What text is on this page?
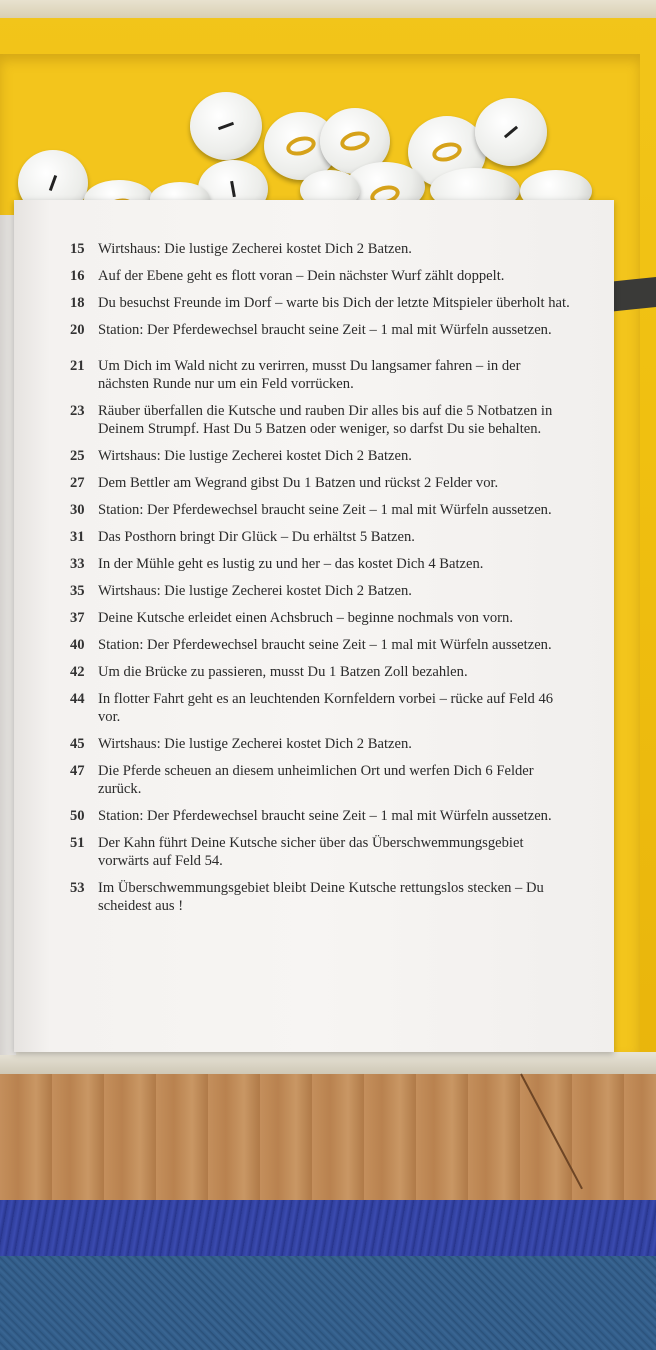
15 Wirtshaus: Die lustige Zecherei kostet Dich 2 Batzen.
16 Auf der Ebene geht es flott voran – Dein nächster Wurf zählt doppelt.
18 Du besuchst Freunde im Dorf – warte bis Dich der letzte Mitspieler überholt hat.
20 Station: Der Pferdewechsel braucht seine Zeit – 1 mal mit Würfeln aussetzen.
21 Um Dich im Wald nicht zu verirren, musst Du langsamer fahren – in der nächsten Runde nur um ein Feld vorrücken.
23 Räuber überfallen die Kutsche und rauben Dir alles bis auf die 5 Notbatzen in Deinem Strumpf. Hast Du 5 Batzen oder weniger, so darfst Du sie behalten.
25 Wirtshaus: Die lustige Zecherei kostet Dich 2 Batzen.
27 Dem Bettler am Wegrand gibst Du 1 Batzen und rückst 2 Felder vor.
30 Station: Der Pferdewechsel braucht seine Zeit – 1 mal mit Würfeln aussetzen.
31 Das Posthorn bringt Dir Glück – Du erhältst 5 Batzen.
33 In der Mühle geht es lustig zu und her – das kostet Dich 4 Batzen.
35 Wirtshaus: Die lustige Zecherei kostet Dich 2 Batzen.
37 Deine Kutsche erleidet einen Achsbruch – beginne nochmals von vorn.
40 Station: Der Pferdewechsel braucht seine Zeit – 1 mal mit Würfeln aussetzen.
42 Um die Brücke zu passieren, musst Du 1 Batzen Zoll bezahlen.
44 In flotter Fahrt geht es an leuchtenden Kornfeldern vorbei – rücke auf Feld 46 vor.
45 Wirtshaus: Die lustige Zecherei kostet Dich 2 Batzen.
47 Die Pferde scheuen an diesem unheimlichen Ort und werfen Dich 6 Felder zurück.
50 Station: Der Pferdewechsel braucht seine Zeit – 1 mal mit Würfeln aussetzen.
51 Der Kahn führt Deine Kutsche sicher über das Überschwemmungsgebiet vorwärts auf Feld 54.
53 Im Überschwemmungsgebiet bleibt Deine Kutsche rettungslos stecken – Du scheidest aus !
